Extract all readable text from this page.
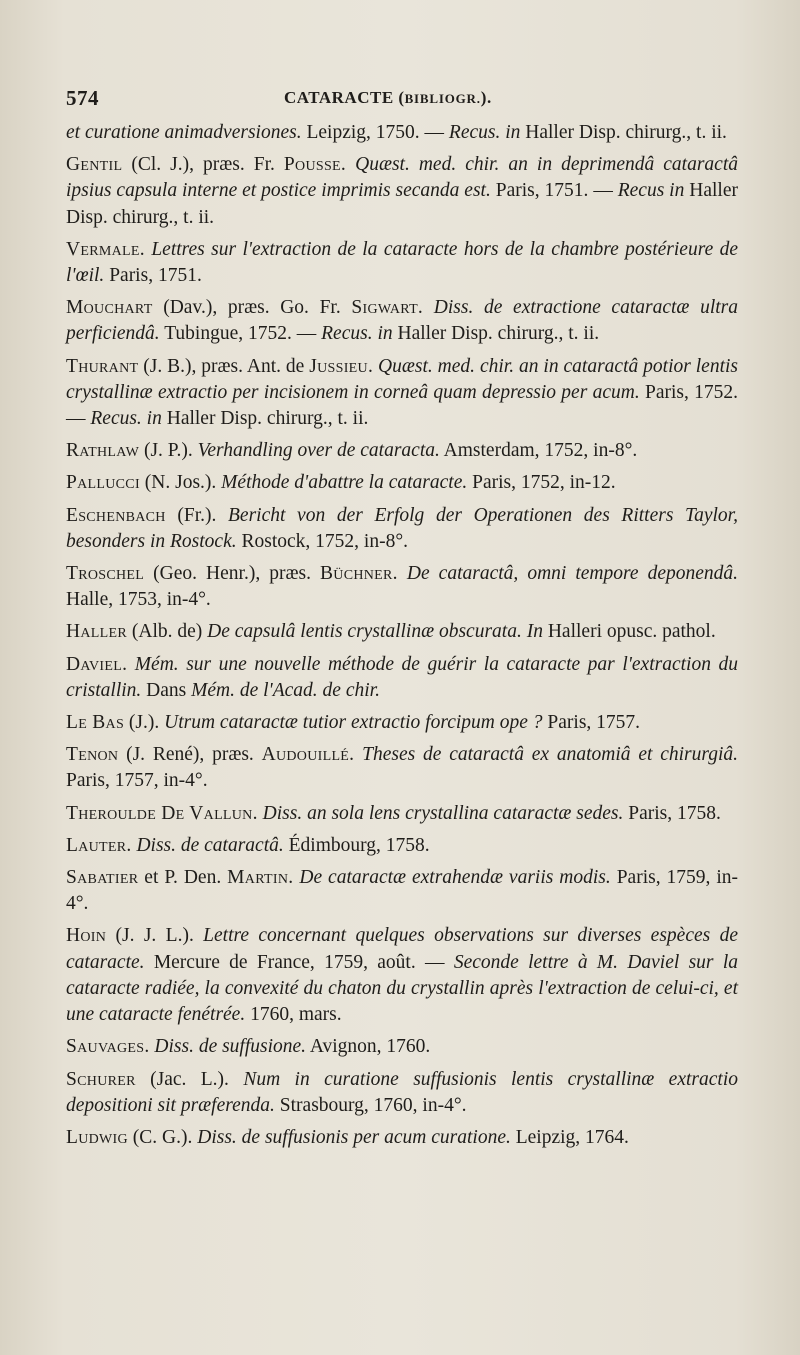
574	CATARACTE (BIBLIOGR.).

et curatione animadversiones. Leipzig, 1750. — Recus. in Haller Disp. chirurg., t. ii.

Gentil (Cl. J.), præs. Fr. Pousse. Quæst. med. chir. an in deprimendâ cataractâ ipsius capsula interne et postice imprimis secanda est. Paris, 1751. — Recus in Haller Disp. chirurg., t. ii.

Vermale. Lettres sur l'extraction de la cataracte hors de la chambre postérieure de l'œil. Paris, 1751.

Mouchart (Dav.), præs. Go. Fr. Sigwart. Diss. de extractione cataractæ ultra perficiendâ. Tubingue, 1752. — Recus. in Haller Disp. chirurg., t. ii.

Thurant (J. B.), præs. Ant. de Jussieu. Quæst. med. chir. an in cataractâ potior lentis crystallinæ extractio per incisionem in corneâ quam depressio per acum. Paris, 1752. — Recus. in Haller Disp. chirurg., t. ii.

Rathlaw (J. P.). Verhandling over de cataracta. Amsterdam, 1752, in-8°.

Pallucci (N. Jos.). Méthode d'abattre la cataracte. Paris, 1752, in-12.

Eschenbach (Fr.). Bericht von der Erfolg der Operationen des Ritters Taylor, besonders in Rostock. Rostock, 1752, in-8°.

Troschel (Geo. Henr.), præs. Büchner. De cataractâ, omni tempore deponendâ. Halle, 1753, in-4°.

Haller (Alb. de) De capsulâ lentis crystallinæ obscurata. In Halleri opusc. pathol.

Daviel. Mém. sur une nouvelle méthode de guérir la cataracte par l'extraction du cristallin. Dans Mém. de l'Acad. de chir.

Le Bas (J.). Utrum cataractæ tutior extractio forcipum ope ? Paris, 1757.

Tenon (J. René), præs. Audouillé. Theses de cataractâ ex anatomiâ et chirurgiâ. Paris, 1757, in-4°.

Theroulde De Vallun. Diss. an sola lens crystallina cataractæ sedes. Paris, 1758.

Lauter. Diss. de cataractâ. Édimbourg, 1758.

Sabatier et P. Den. Martin. De cataractæ extrahendæ variis modis. Paris, 1759, in-4°.

Hoin (J. J. L.). Lettre concernant quelques observations sur diverses espèces de cataracte. Mercure de France, 1759, août. — Seconde lettre à M. Daviel sur la cataracte radiée, la convexité du chaton du crystallin après l'extraction de celui-ci, et une cataracte fenétrée. 1760, mars.

Sauvages. Diss. de suffusione. Avignon, 1760.

Schurer (Jac. L.). Num in curatione suffusionis lentis crystallinæ extractio depositioni sit præferenda. Strasbourg, 1760, in-4°.

Ludwig (C. G.). Diss. de suffusionis per acum curatione. Leipzig, 1764.
